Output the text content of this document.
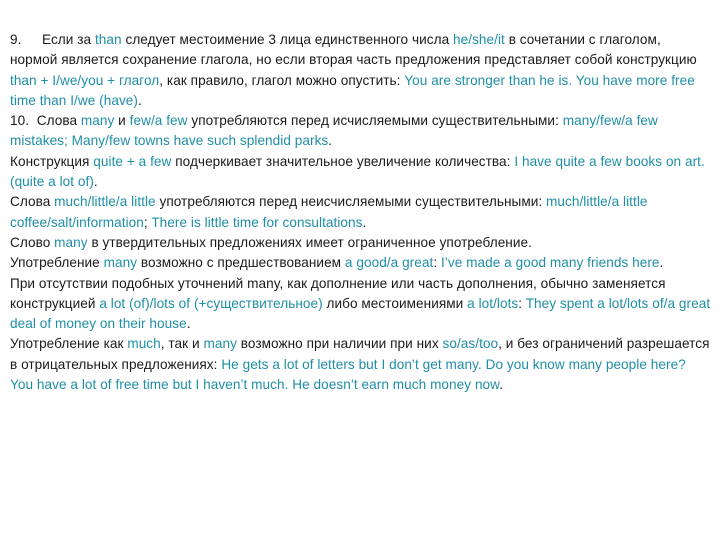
9. Если за than следует местоимение 3 лица единственного числа he/she/it в сочетании с глаголом, нормой является сохранение глагола, но если вторая часть предложения представляет собой конструкцию than + I/we/you + глагол, как правило, глагол можно опустить: You are stronger than he is. You have more free time than I/we (have).

10. Слова many и few/a few употребляются перед исчисляемыми существительными: many/few/a few mistakes; Many/few towns have such splendid parks.

Конструкция quite + a few подчеркивает значительное увеличение количества: I have quite a few books on art. (quite a lot of).

Слова much/little/a little употребляются перед неисчисляемыми существительными: much/little/a little coffee/salt/information; There is little time for consultations.

Слово many в утвердительных предложениях имеет ограниченное употребление.

Употребление many возможно с предшествованием a good/a great: I’ve made a good many friends here.

При отсутствии подобных уточнений many, как дополнение или часть дополнения, обычно заменяется конструкцией a lot (of)/lots of (+существительное) либо местоимениями a lot/lots: They spent a lot/lots of/a great deal of money on their house.

Употребление как much, так и many возможно при наличии при них so/as/too, и без ограничений разрешается в отрицательных предложениях: He gets a lot of letters but I don’t get many. Do you know many people here? You have a lot of free time but I haven’t much. He doesn’t earn much money now.
